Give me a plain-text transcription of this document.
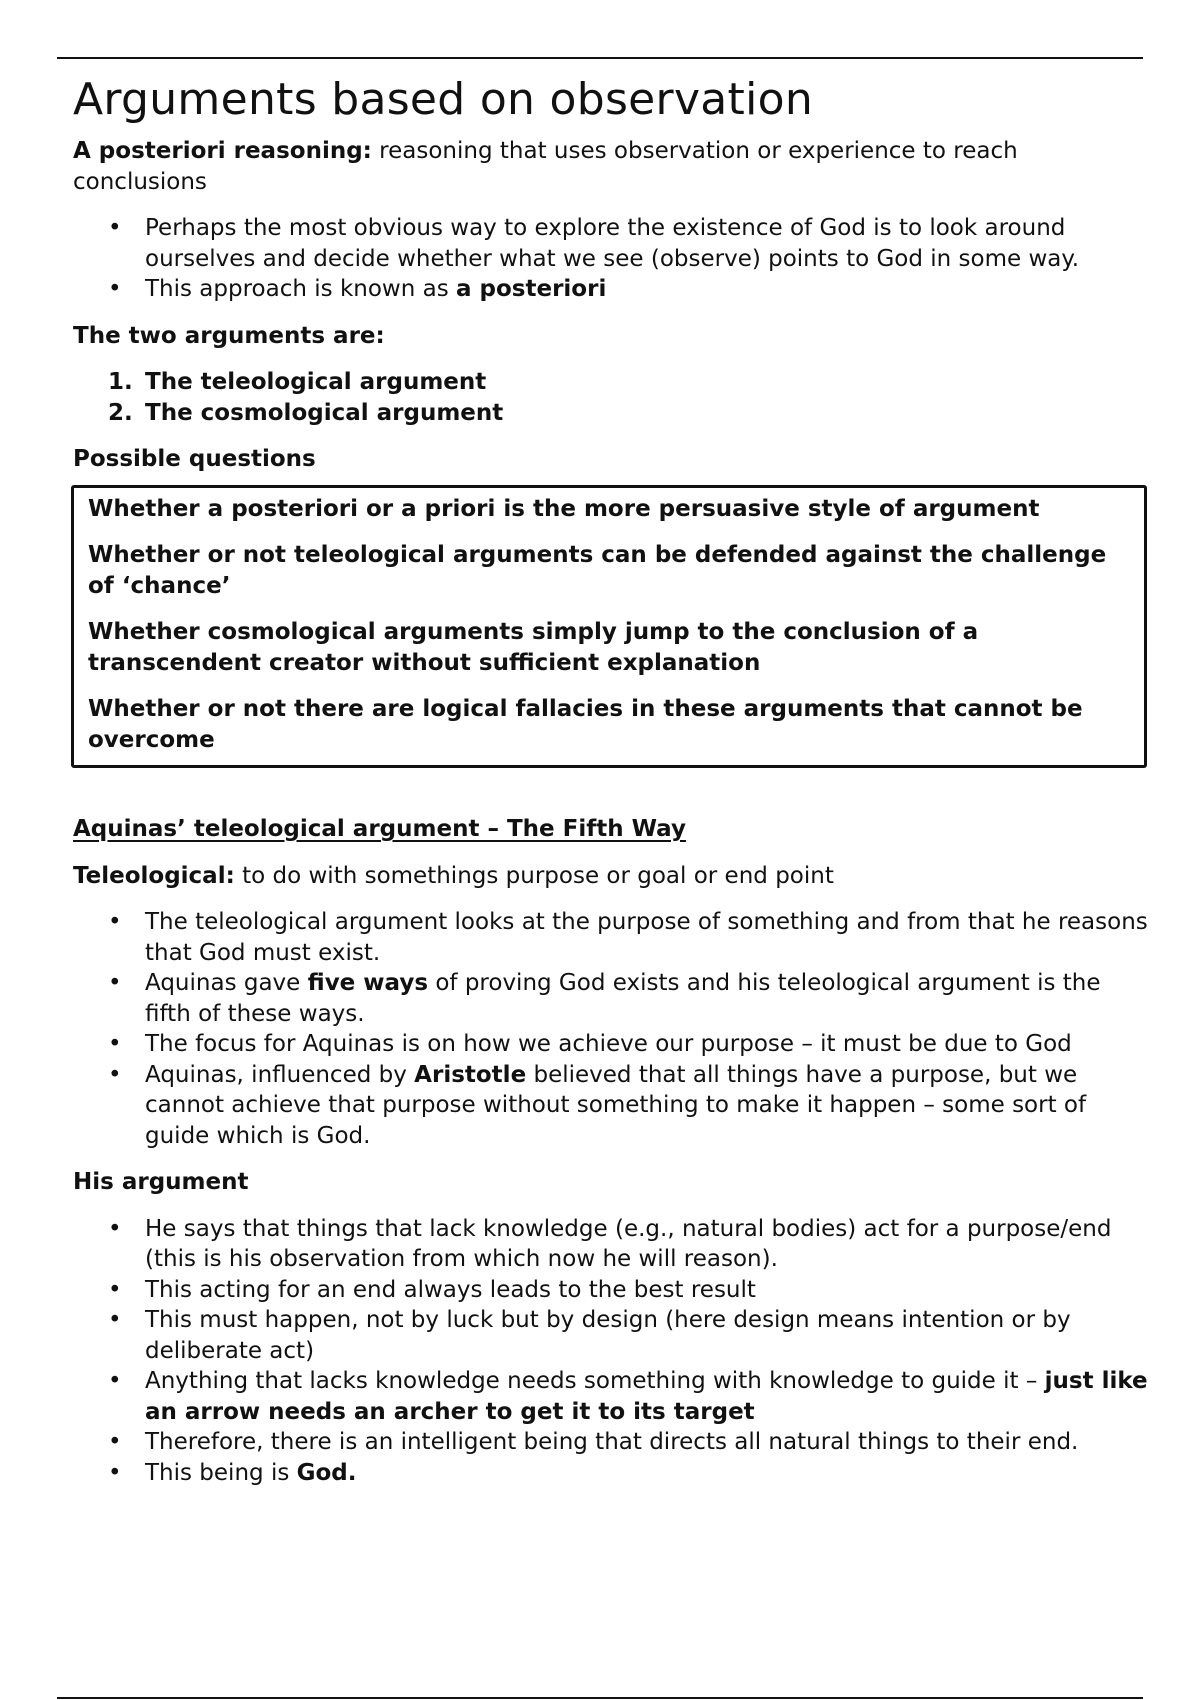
Arguments based on observation

A posteriori reasoning: reasoning that uses observation or experience to reach conclusions

• Perhaps the most obvious way to explore the existence of God is to look around ourselves and decide whether what we see (observe) points to God in some way.
• This approach is known as a posteriori

The two arguments are:

1. The teleological argument
2. The cosmological argument

Possible questions

Whether a posteriori or a priori is the more persuasive style of argument

Whether or not teleological arguments can be defended against the challenge of ‘chance’

Whether cosmological arguments simply jump to the conclusion of a transcendent creator without sufficient explanation

Whether or not there are logical fallacies in these arguments that cannot be overcome

Aquinas’ teleological argument – The Fifth Way

Teleological: to do with somethings purpose or goal or end point

• The teleological argument looks at the purpose of something and from that he reasons that God must exist.
• Aquinas gave five ways of proving God exists and his teleological argument is the fifth of these ways.
• The focus for Aquinas is on how we achieve our purpose – it must be due to God
• Aquinas, influenced by Aristotle believed that all things have a purpose, but we cannot achieve that purpose without something to make it happen – some sort of guide which is God.

His argument

• He says that things that lack knowledge (e.g., natural bodies) act for a purpose/end (this is his observation from which now he will reason).
• This acting for an end always leads to the best result
• This must happen, not by luck but by design (here design means intention or by deliberate act)
• Anything that lacks knowledge needs something with knowledge to guide it – just like an arrow needs an archer to get it to its target
• Therefore, there is an intelligent being that directs all natural things to their end.
• This being is God.
